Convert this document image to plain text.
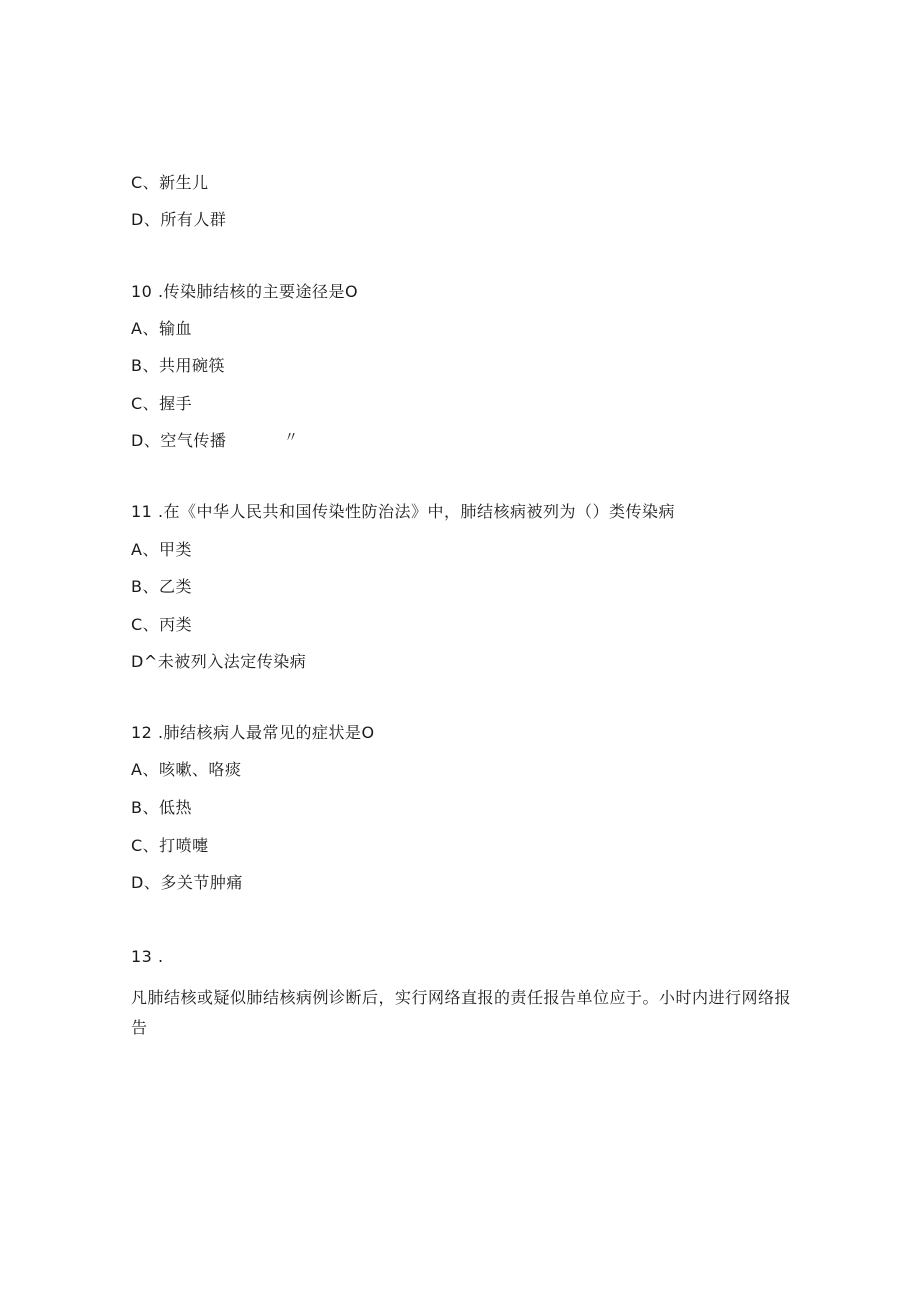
C、新生儿
D、所有人群
10 .传染肺结核的主要途径是O
A、输血
B、共用碗筷
C、握手
D、空气传播	〃
11 .在《中华人民共和国传染性防治法》中，肺结核病被列为（）类传染病
A、甲类
B、乙类
C、丙类
D^未被列入法定传染病
12 .肺结核病人最常见的症状是O
A、咳嗽、咯痰
B、低热
C、打喷嚏
D、多关节肿痛
13 .
凡肺结核或疑似肺结核病例诊断后，实行网络直报的责任报告单位应于。小时内进行网络报告
